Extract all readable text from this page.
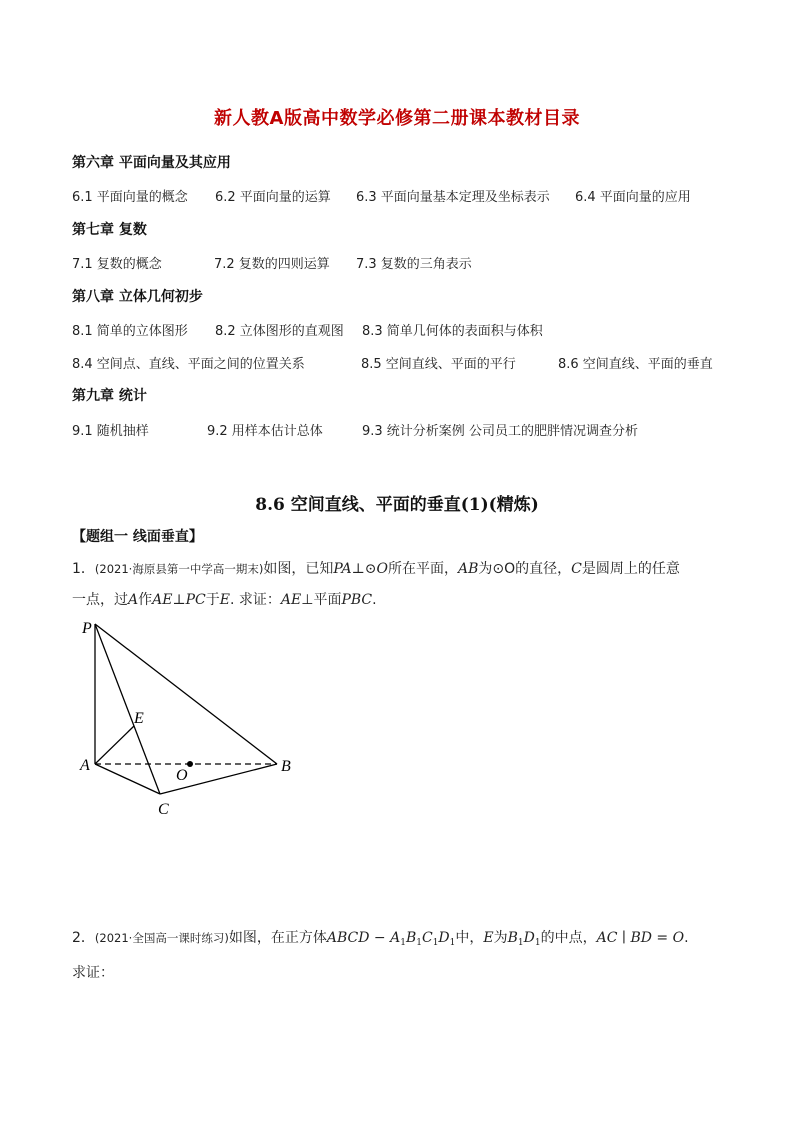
新人教A版高中数学必修第二册课本教材目录
第六章 平面向量及其应用
6.1 平面向量的概念 6.2 平面向量的运算 6.3 平面向量基本定理及坐标表示 6.4 平面向量的应用
第七章 复数
7.1 复数的概念	7.2 复数的四则运算 7.3 复数的三角表示
第八章 立体几何初步
8.1 简单的立体图形 8.2 立体图形的直观图 8.3 简单几何体的表面积与体积
8.4 空间点、直线、平面之间的位置关系	8.5 空间直线、平面的平行	8.6 空间直线、平面的垂直
第九章 统计
9.1 随机抽样	9.2 用样本估计总体	9.3 统计分析案例 公司员工的肥胖情况调查分析
8.6 空间直线、平面的垂直(1)(精炼)
【题组一 线面垂直】
1．(2021·海原县第一中学高一期末)如图，已知PA⊥⊙O所在平面，AB为⊙O的直径，C是圆周上的任意
一点，过A作AE⊥PC于E. 求证：AE⊥平面PBC.
P
E
A
O
B
C
2．(2021·全国高一课时练习)如图，在正方体ABCD − $A_1B_1C_1D_1$中，E为$B_1D_1$的中点，AC ∣ BD = O.
求证：
